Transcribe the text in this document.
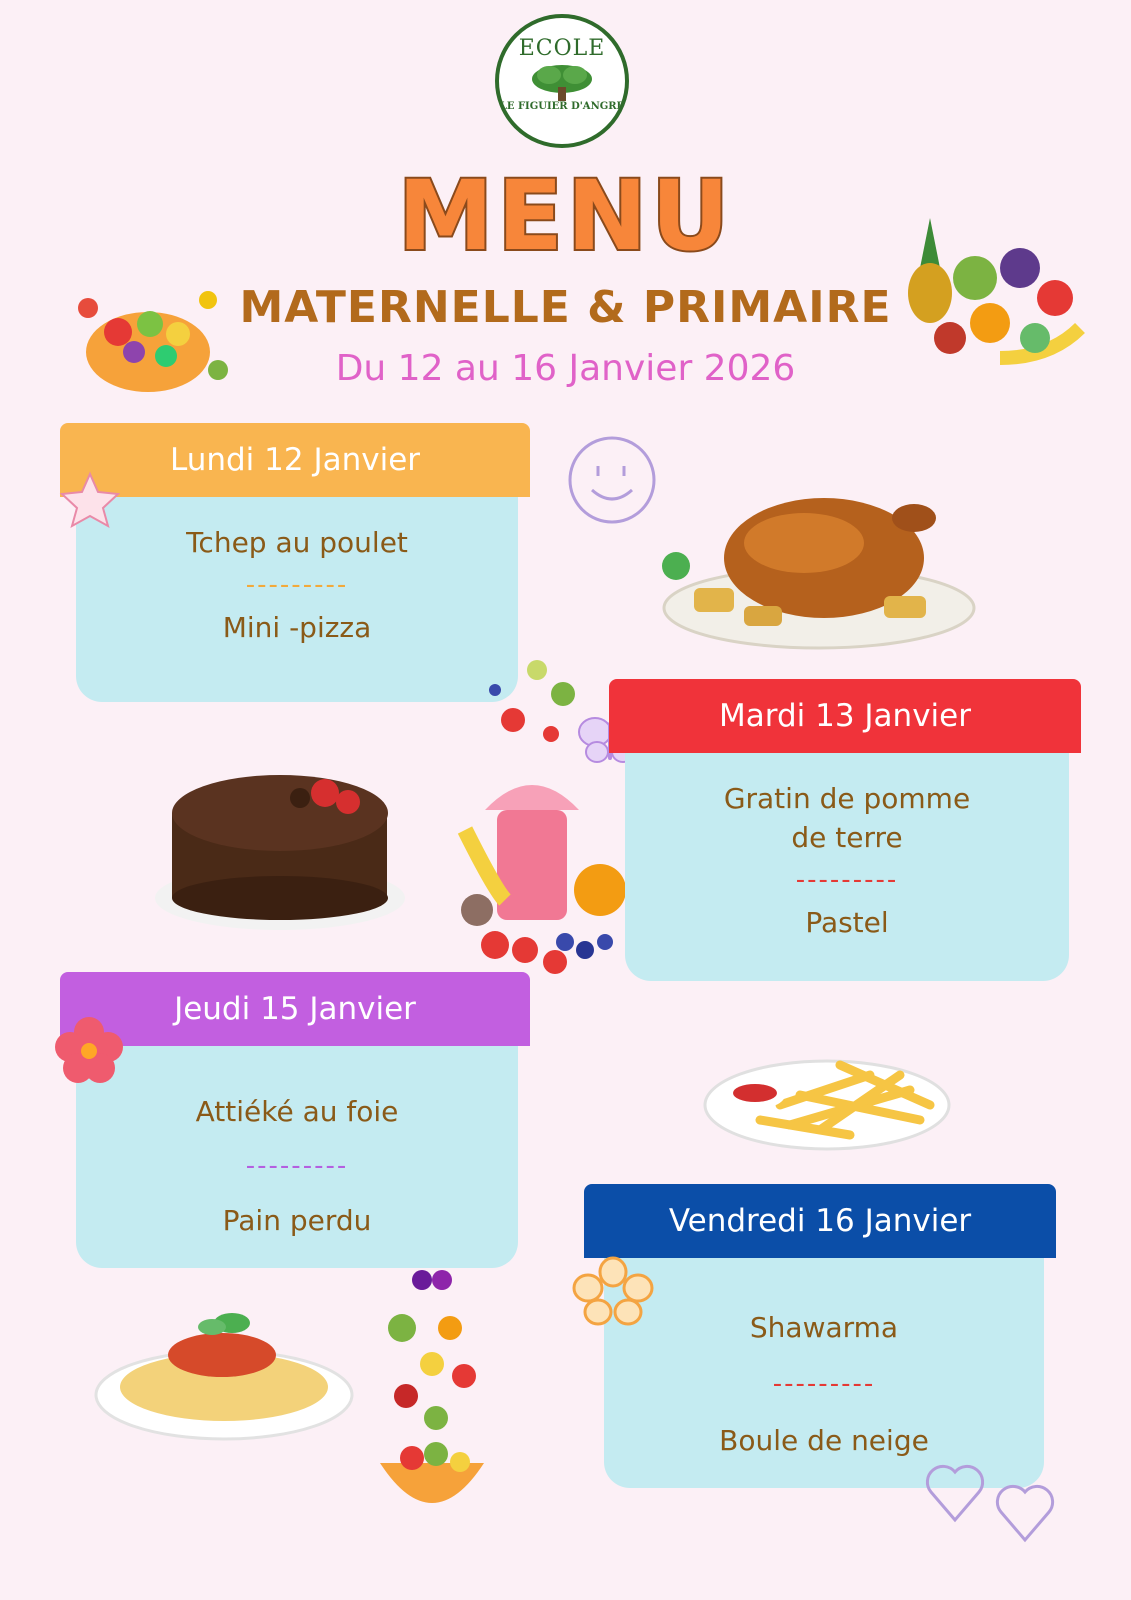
ECOLE
LE FIGUIER D'ANGRE
MENU
MATERNELLE & PRIMAIRE
Du 12 au 16 Janvier 2026
Lundi 12 Janvier
Tchep au poulet
---------
Mini -pizza
Mardi 13 Janvier
Gratin de pomme
de terre
---------
Pastel
Jeudi 15 Janvier
Attiéké au foie
---------
Pain perdu	Vendredi 16 Janvier
Shawarma
---------
Boule de neige
